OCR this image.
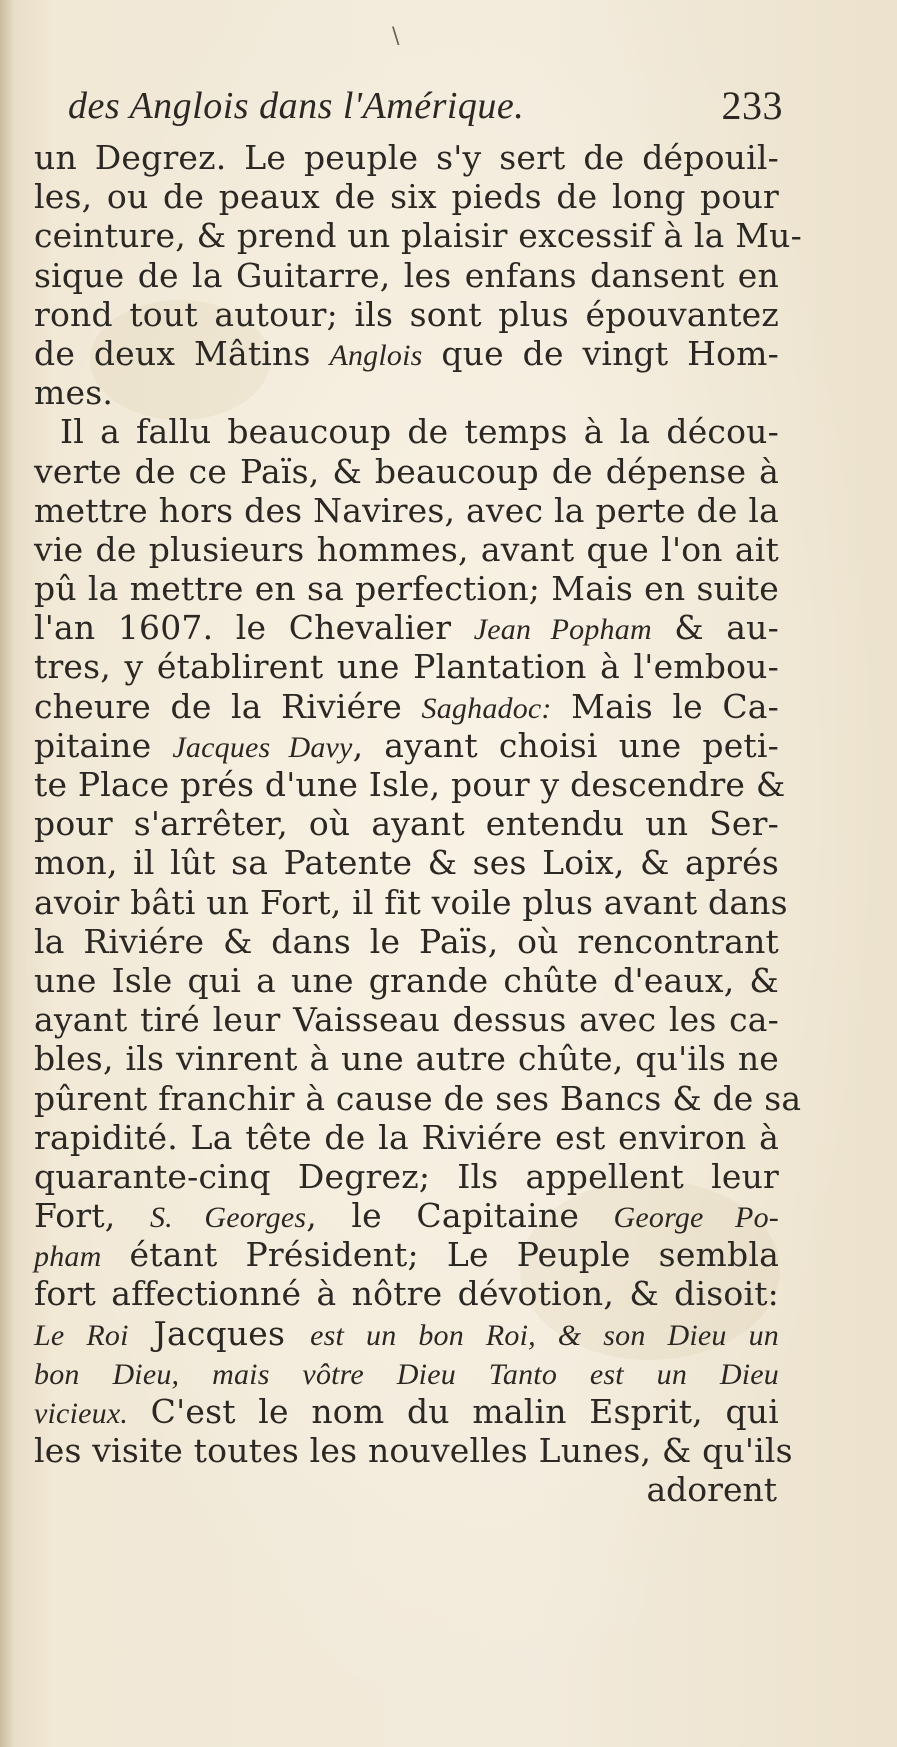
\
des Anglois dans l'Amérique.	233
un Degrez. Le peuple s'y sert de dépouil-
les, ou de peaux de six pieds de long pour
ceinture, & prend un plaisir excessif à la Mu-
sique de la Guitarre, les enfans dansent en
rond tout autour; ils sont plus épouvantez
de deux Mâtins Anglois que de vingt Hom-
mes.
Il a fallu beaucoup de temps à la décou-
verte de ce Païs, & beaucoup de dépense à
mettre hors des Navires, avec la perte de la
vie de plusieurs hommes, avant que l'on ait
pû la mettre en sa perfection; Mais en suite
l'an 1607. le Chevalier Jean Popham & au-
tres, y établirent une Plantation à l'embou-
cheure de la Riviére Saghadoc: Mais le Ca-
pitaine Jacques Davy, ayant choisi une peti-
te Place prés d'une Isle, pour y descendre &
pour s'arrêter, où ayant entendu un Ser-
mon, il lût sa Patente & ses Loix, & aprés
avoir bâti un Fort, il fit voile plus avant dans
la Riviére & dans le Païs, où rencontrant
une Isle qui a une grande chûte d'eaux, &
ayant tiré leur Vaisseau dessus avec les ca-
bles, ils vinrent à une autre chûte, qu'ils ne
pûrent franchir à cause de ses Bancs & de sa
rapidité. La tête de la Riviére est environ à
quarante-cinq Degrez; Ils appellent leur
Fort, S. Georges, le Capitaine George Po-
pham étant Président; Le Peuple sembla
fort affectionné à nôtre dévotion, & disoit:
Le Roi Jacques est un bon Roi, & son Dieu un
bon Dieu, mais vôtre Dieu Tanto est un Dieu
vicieux. C'est le nom du malin Esprit, qui
les visite toutes les nouvelles Lunes, & qu'ils
adorent
